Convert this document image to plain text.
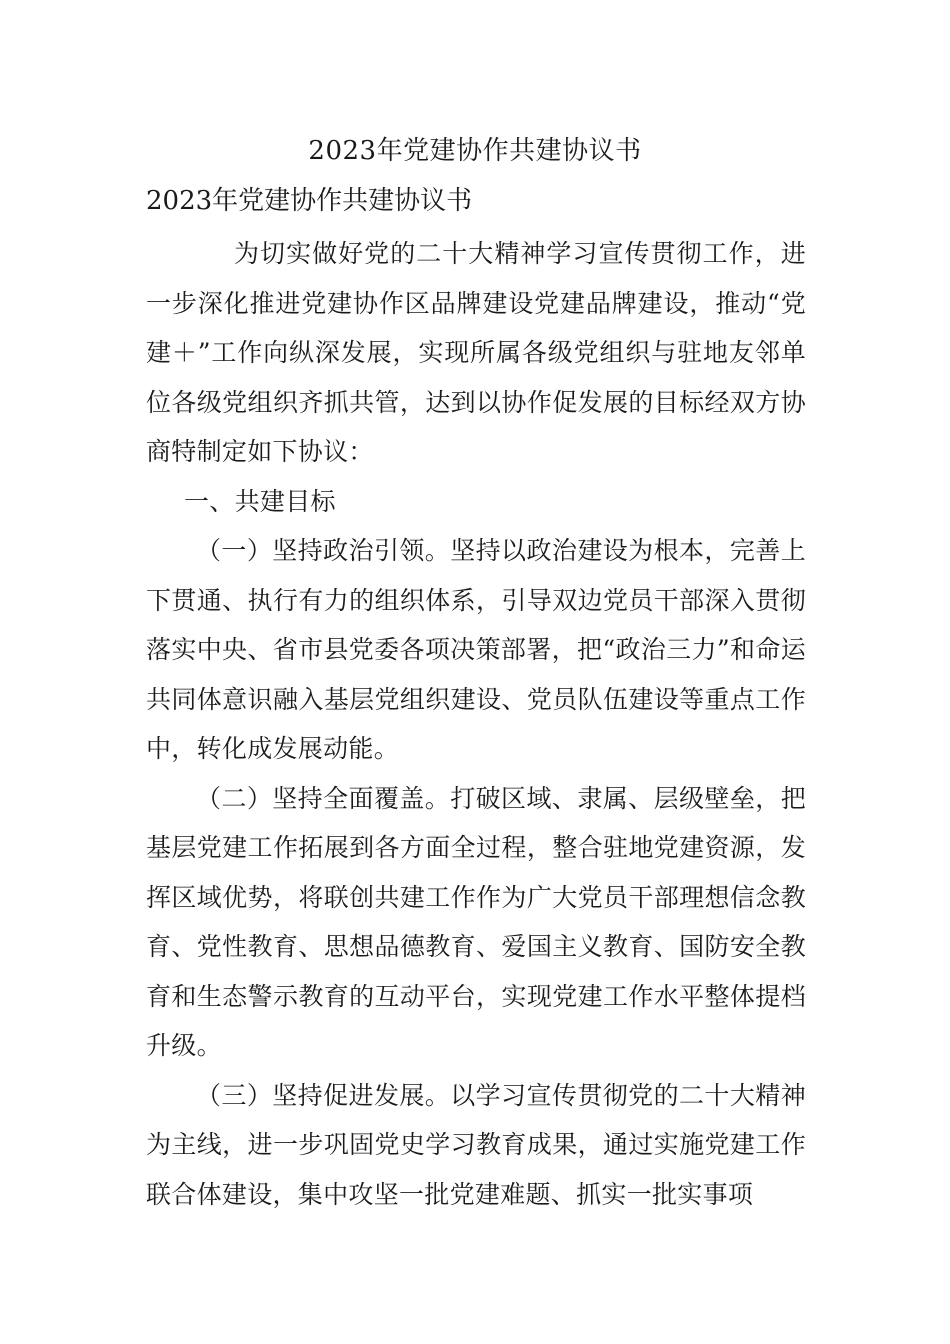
2023年党建协作共建协议书
2023年党建协作共建协议书

为切实做好党的二十大精神学习宣传贯彻工作，进一步深化推进党建协作区品牌建设党建品牌建设，推动“党建＋”工作向纵深发展，实现所属各级党组织与驻地友邻单位各级党组织齐抓共管，达到以协作促发展的目标经双方协商特制定如下协议：

一、共建目标

（一）坚持政治引领。坚持以政治建设为根本，完善上下贯通、执行有力的组织体系，引导双边党员干部深入贯彻落实中央、省市县党委各项决策部署，把“政治三力”和命运共同体意识融入基层党组织建设、党员队伍建设等重点工作中，转化成发展动能。

（二）坚持全面覆盖。打破区域、隶属、层级壁垒，把基层党建工作拓展到各方面全过程，整合驻地党建资源，发挥区域优势，将联创共建工作作为广大党员干部理想信念教育、党性教育、思想品德教育、爱国主义教育、国防安全教育和生态警示教育的互动平台，实现党建工作水平整体提档升级。

（三）坚持促进发展。以学习宣传贯彻党的二十大精神为主线，进一步巩固党史学习教育成果，通过实施党建工作联合体建设，集中攻坚一批党建难题、抓实一批实事项
